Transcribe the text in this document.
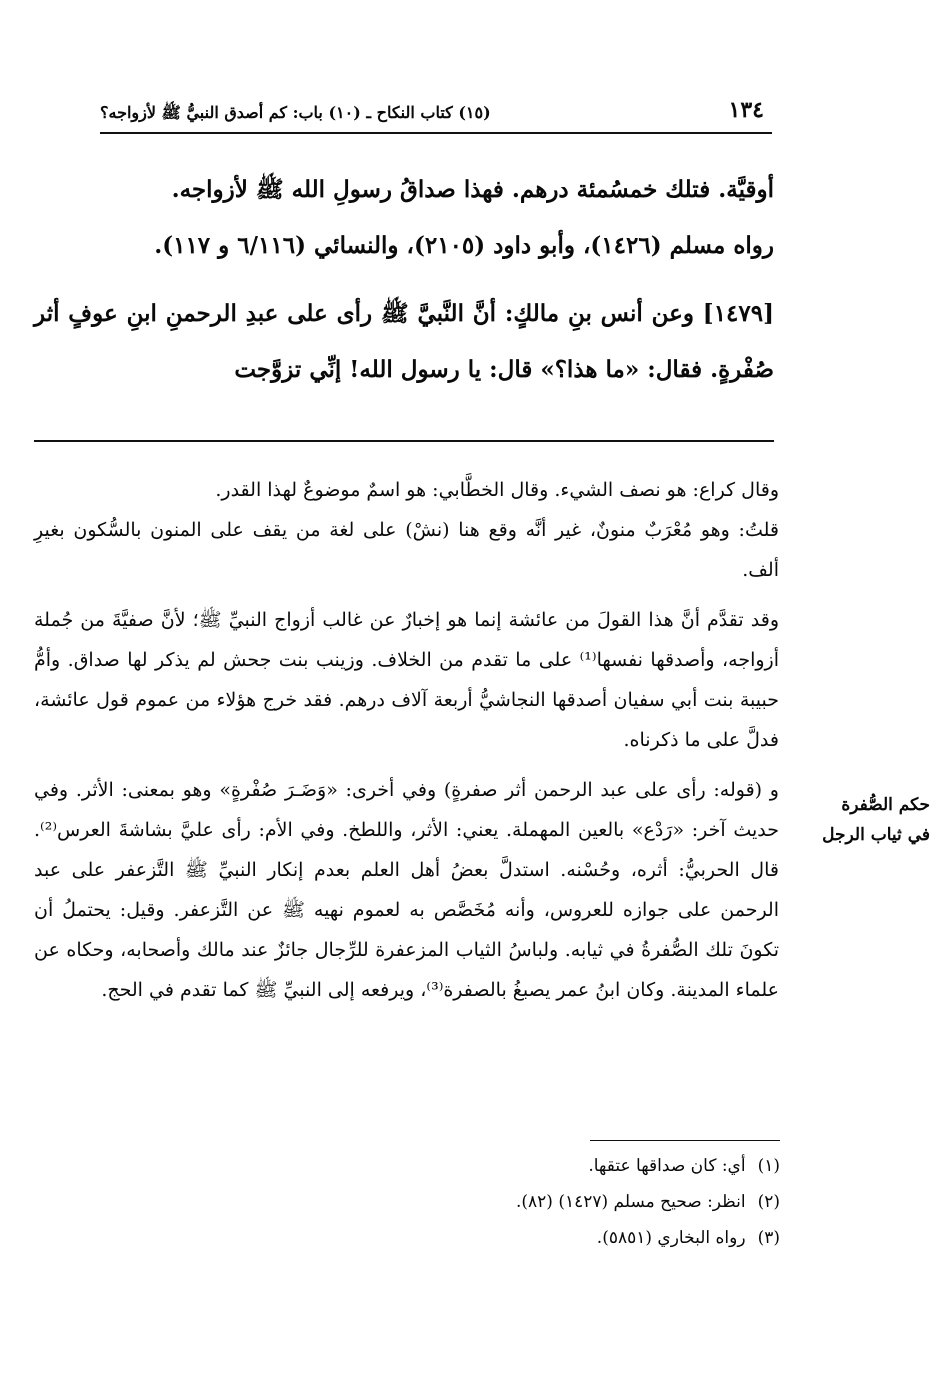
١٣٤
(١٥) كتاب النكاح ـ (١٠) باب: كم أصدق النبيُّ ﷺ لأزواجه؟

أوقيَّة. فتلك خمسُمئة درهم. فهذا صداقُ رسولِ الله ﷺ لأزواجه.

رواه مسلم (١٤٢٦)، وأبو داود (٢١٠٥)، والنسائي (٦/١١٦ و ١١٧).

[١٤٧٩] وعن أنس بنِ مالكٍ: أنَّ النَّبيَّ ﷺ رأى على عبدِ الرحمنِ ابنِ عوفٍ أثر صُفْرةٍ. فقال: «ما هذا؟» قال: يا رسول الله! إنِّي تزوَّجت

وقال كراع: هو نصف الشيء. وقال الخطَّابي: هو اسمٌ موضوعٌ لهذا القدر.

قلتُ: وهو مُعْرَبٌ منونٌ، غير أنَّه وقع هنا (نشْ) على لغة من يقف على المنون بالسُّكون بغيرِ ألف.

وقد تقدَّم أنَّ هذا القولَ من عائشة إنما هو إخبارٌ عن غالب أزواج النبيِّ ﷺ؛ لأنَّ صفيَّةَ من جُملة أزواجه، وأصدقها نفسها⁽¹⁾ على ما تقدم من الخلاف. وزينب بنت جحش لم يذكر لها صداق. وأمُّ حبيبة بنت أبي سفيان أصدقها النجاشيُّ أربعة آلاف درهم. فقد خرج هؤلاء من عموم قول عائشة، فدلَّ على ما ذكرناه.

و (قوله: رأى على عبد الرحمن أثر صفرةٍ) وفي أخرى: «وَضَـرَ صُفْرةٍ» وهو بمعنى: الأثر. وفي حديث آخر: «رَدْع» بالعين المهملة. يعني: الأثر، واللطخ. وفي الأم: رأى عليَّ بشاشةَ العرس⁽²⁾. قال الحربيُّ: أثره، وحُسْنه. استدلَّ بعضُ أهل العلم بعدم إنكار النبيِّ ﷺ التَّزعفر على عبد الرحمن على جوازه للعروس، وأنه مُخَصَّص به لعموم نهيه ﷺ عن التَّزعفر. وقيل: يحتملُ أن تكونَ تلك الصُّفرةُ في ثيابه. ولباسُ الثياب المزعفرة للرِّجال جائزٌ عند مالك وأصحابه، وحكاه عن علماء المدينة. وكان ابنُ عمر يصبغُ بالصفرة⁽³⁾، ويرفعه إلى النبيِّ ﷺ كما تقدم في الحج.

حكم الصُّفرة
في ثياب الرجل
(١)أي: كان صداقها عتقها.
(٢)انظر: صحيح مسلم (١٤٢٧) (٨٢).
(٣)رواه البخاري (٥٨٥١).
